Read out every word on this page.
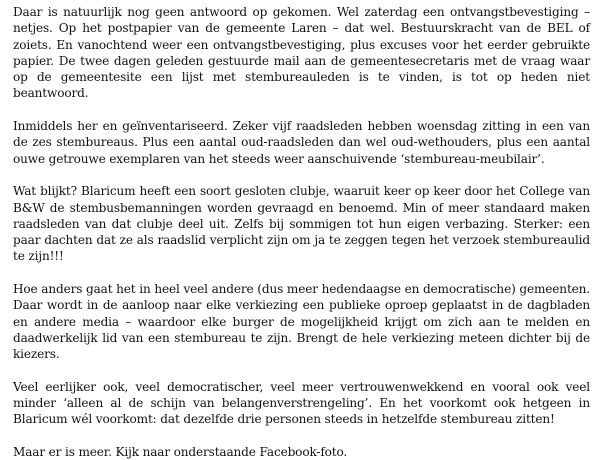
Daar is natuurlijk nog geen antwoord op gekomen. Wel zaterdag een ontvangstbevestiging – netjes. Op het postpapier van de gemeente Laren – dat wel. Bestuurskracht van de BEL of zoiets. En vanochtend weer een ontvangstbevestiging, plus excuses voor het eerder gebruikte papier. De twee dagen geleden gestuurde mail aan de gemeentesecretaris met de vraag waar op de gemeentesite een lijst met stembureauleden is te vinden, is tot op heden niet beantwoord.

Inmiddels her en geïnventariseerd. Zeker vijf raadsleden hebben woensdag zitting in een van de zes stembureaus. Plus een aantal oud-raadsleden dan wel oud-wethouders, plus een aantal ouwe getrouwe exemplaren van het steeds weer aanschuivende ‘stembureau-meubilair’.

Wat blijkt? Blaricum heeft een soort gesloten clubje, waaruit keer op keer door het College van B&W de stembusbemanningen worden gevraagd en benoemd. Min of meer standaard maken raadsleden van dat clubje deel uit. Zelfs bij sommigen tot hun eigen verbazing. Sterker: een paar dachten dat ze als raadslid verplicht zijn om ja te zeggen tegen het verzoek stembureaulid te zijn!!!

Hoe anders gaat het in heel veel andere (dus meer hedendaagse en democratische) gemeenten. Daar wordt in de aanloop naar elke verkiezing een publieke oproep geplaatst in de dagbladen en andere media – waardoor elke burger de mogelijkheid krijgt om zich aan te melden en daadwerkelijk lid van een stembureau te zijn. Brengt de hele verkiezing meteen dichter bij de kiezers.

Veel eerlijker ook, veel democratischer, veel meer vertrouwenwekkend en vooral ook veel minder ‘alleen al de schijn van belangenverstrengeling’. En het voorkomt ook hetgeen in Blaricum wél voorkomt: dat dezelfde drie personen steeds in hetzelfde stembureau zitten!

Maar er is meer. Kijk naar onderstaande Facebook-foto.
